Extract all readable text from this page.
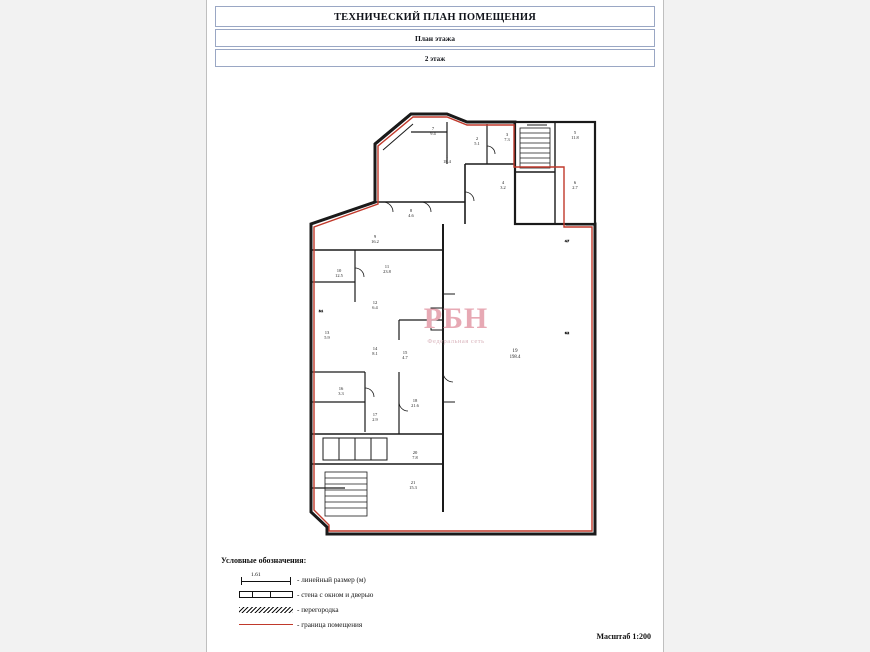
ТЕХНИЧЕСКИЙ ПЛАН ПОМЕЩЕНИЯ
План этажа
2 этаж
1
18.4
2
5.1
3
7.3
4
3.2
5
11.8
6
2.7
7
9.4
8
4.6
9
16.2
10
12.5
11
23.8
12
6.4
13
5.9
14
8.1	15
4.7
16
3.3
17
2.9
18
21.6
19
198.4
20
7.8
21
15.3
4.7
6.2
3.1	РБН
Федеральная сеть
Условные обозначения:
1.61
- линейный размер (м)
- стена с окном и дверью
- перегородка
- граница помещения
Масштаб 1:200
